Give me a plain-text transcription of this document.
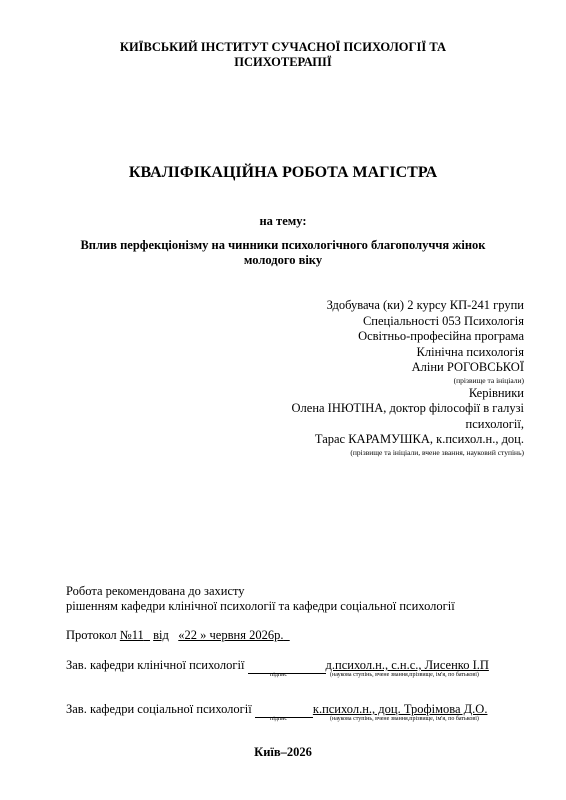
КИЇВСЬКИЙ ІНСТИТУТ СУЧАСНОЇ ПСИХОЛОГІЇ ТА
ПСИХОТЕРАПІЇ
КВАЛІФІКАЦІЙНА РОБОТА МАГІСТРА
на тему:
Вплив перфекціонізму на чинники психологічного благополуччя жінок
молодого віку
Здобувача (ки) 2 курсу КП-241 групи
Спеціальності 053 Психологія
Освітньо-професійна програма
Клінічна психологія
Аліни РОГОВСЬКОЇ
(прізвище та ініціали)
Керівники
Олена ІНЮТІНА, доктор філософії в галузі
психології,
Тарас КАРАМУШКА, к.психол.н., доц.
(прізвище та ініціали, вчене звання, науковий ступінь)
Робота рекомендована до захисту
рішенням кафедри клінічної психології та кафедри соціальної психології
Протокол №11 від «22 » червня 2026р.
Зав. кафедри клінічної психології	д.психол.н., с.н.с., Лисенко І.П
підпис	(наукова ступінь, вчене звання,прізвище, ім'я, по батькові)
Зав. кафедри соціальної психології	к.психол.н., доц. Трофімова Д.О.
підпис	(наукова ступінь, вчене звання,прізвище, ім'я, по батькові)
Київ–2026
